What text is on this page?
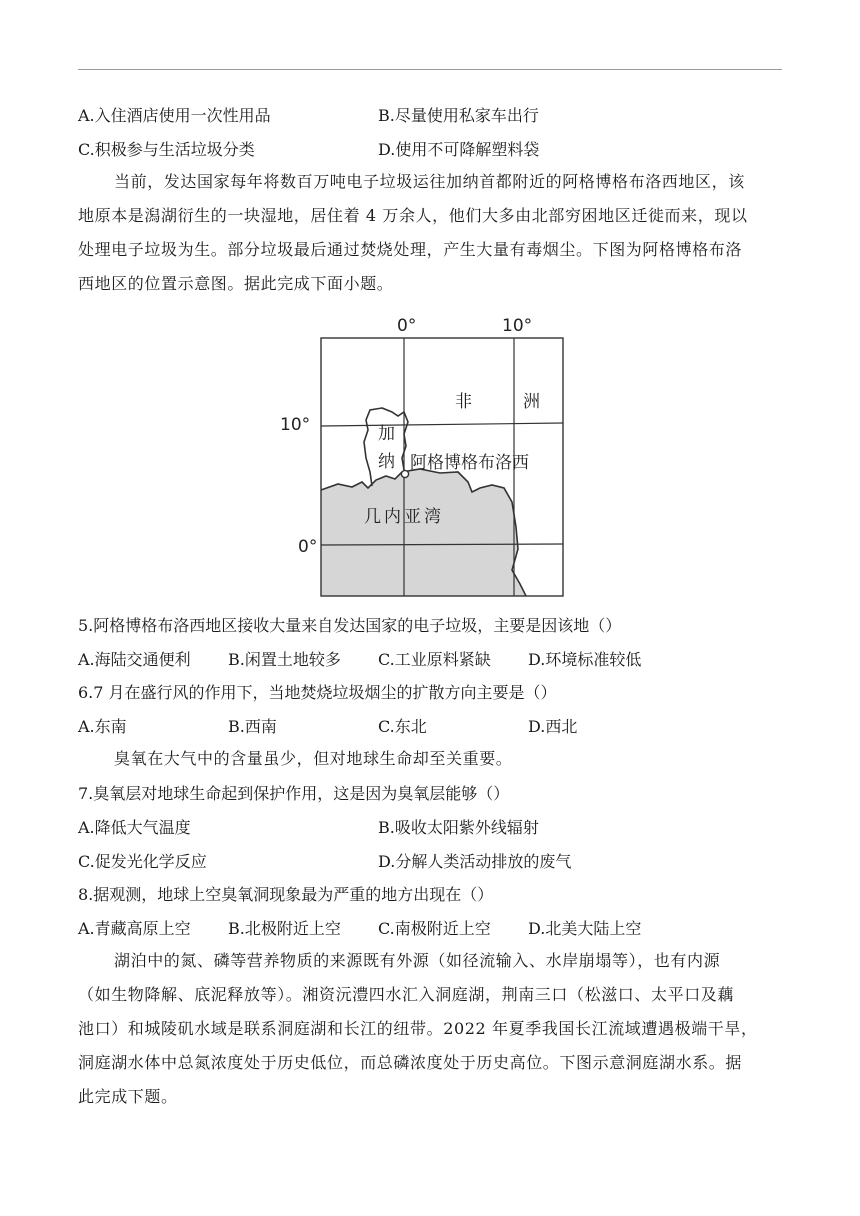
A.入住酒店使用一次性用品	B.尽量使用私家车出行
C.积极参与生活垃圾分类	D.使用不可降解塑料袋
当前，发达国家每年将数百万吨电子垃圾运往加纳首都附近的阿格博格布洛西地区，该
地原本是潟湖衍生的一块湿地，居住着 4 万余人，他们大多由北部穷困地区迁徙而来，现以
处理电子垃圾为生。部分垃圾最后通过焚烧处理，产生大量有毒烟尘。下图为阿格博格布洛
西地区的位置示意图。据此完成下面小题。
0°	10°
10°
0°
非	洲
加
纳 阿格博格布洛西
几内亚湾
5.阿格博格布洛西地区接收大量来自发达国家的电子垃圾，主要是因该地（）
A.海陆交通便利 B.闲置土地较多 C.工业原料紧缺 D.环境标准较低
6.7 月在盛行风的作用下，当地焚烧垃圾烟尘的扩散方向主要是（）
A.东南	B.西南	C.东北	D.西北
臭氧在大气中的含量虽少，但对地球生命却至关重要。
7.臭氧层对地球生命起到保护作用，这是因为臭氧层能够（）
A.降低大气温度	B.吸收太阳紫外线辐射
C.促发光化学反应	D.分解人类活动排放的废气
8.据观测，地球上空臭氧洞现象最为严重的地方出现在（）
A.青藏高原上空 B.北极附近上空 C.南极附近上空 D.北美大陆上空
湖泊中的氮、磷等营养物质的来源既有外源（如径流输入、水岸崩塌等），也有内源
（如生物降解、底泥释放等）。湘资沅澧四水汇入洞庭湖，荆南三口（松滋口、太平口及藕
池口）和城陵矶水域是联系洞庭湖和长江的纽带。2022 年夏季我国长江流域遭遇极端干旱，
洞庭湖水体中总氮浓度处于历史低位，而总磷浓度处于历史高位。下图示意洞庭湖水系。据
此完成下题。
